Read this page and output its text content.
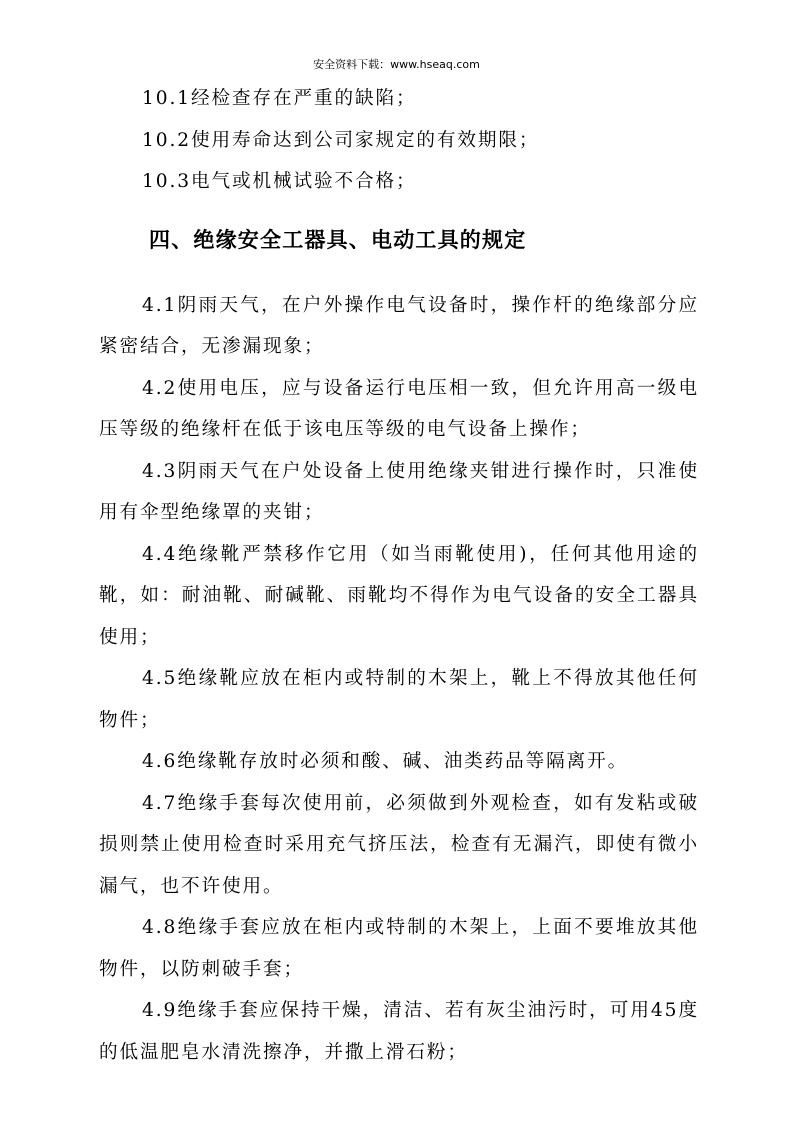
安全资料下载：www.hseaq.com

10.1经检查存在严重的缺陷；

10.2使用寿命达到公司家规定的有效期限；

10.3电气或机械试验不合格；

四、绝缘安全工器具、电动工具的规定

4.1阴雨天气，在户外操作电气设备时，操作杆的绝缘部分应紧密结合，无渗漏现象；

4.2使用电压，应与设备运行电压相一致，但允许用高一级电压等级的绝缘杆在低于该电压等级的电气设备上操作；

4.3阴雨天气在户处设备上使用绝缘夹钳进行操作时，只准使用有伞型绝缘罩的夹钳；

4.4绝缘靴严禁移作它用（如当雨靴使用)，任何其他用途的靴，如：耐油靴、耐碱靴、雨靴均不得作为电气设备的安全工器具使用；

4.5绝缘靴应放在柜内或特制的木架上，靴上不得放其他任何物件；

4.6绝缘靴存放时必须和酸、碱、油类药品等隔离开。

4.7绝缘手套每次使用前，必须做到外观检查，如有发粘或破损则禁止使用检查时采用充气挤压法，检查有无漏汽，即使有微小漏气，也不许使用。

4.8绝缘手套应放在柜内或特制的木架上，上面不要堆放其他物件，以防刺破手套；

4.9绝缘手套应保持干燥，清洁、若有灰尘油污时，可用45度的低温肥皂水清洗擦净，并撒上滑石粉；
